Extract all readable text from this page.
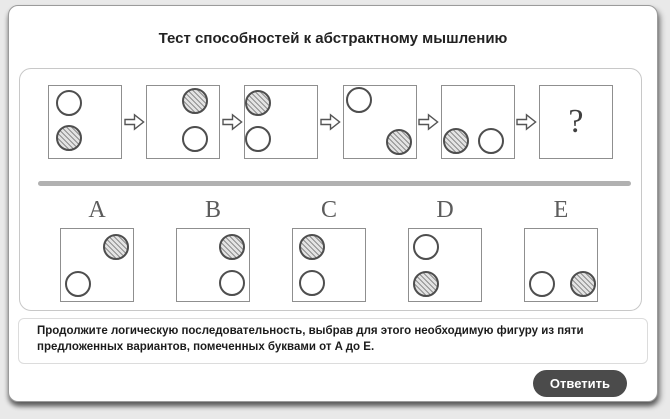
Тест способностей к абстрактному мышлению
?
A	B	C	D	E
Продолжите логическую последовательность, выбрав для этого необходимую фигуру из пяти предложенных вариантов, помеченных буквами от A до E.
Ответить
